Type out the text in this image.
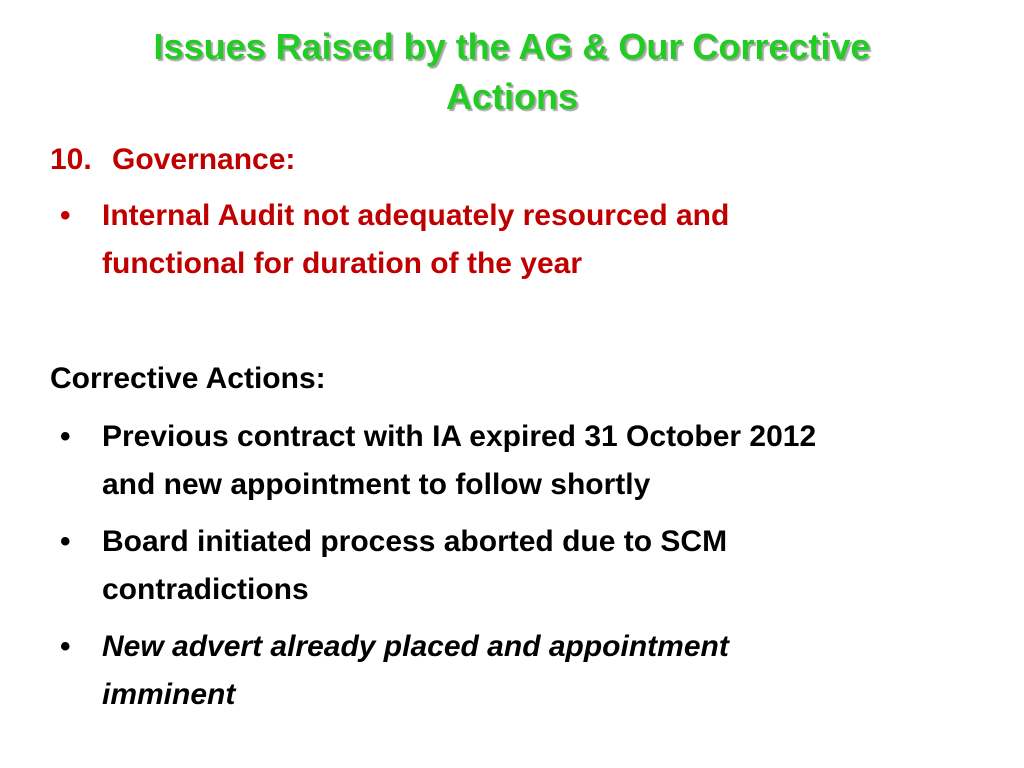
Issues Raised by the AG & Our Corrective
Actions
10. Governance:
• Internal Audit not adequately resourced and
functional for duration of the year
Corrective Actions:
• Previous contract with IA expired 31 October 2012
and new appointment to follow shortly
• Board initiated process aborted due to SCM
contradictions
• New advert already placed and appointment
imminent
